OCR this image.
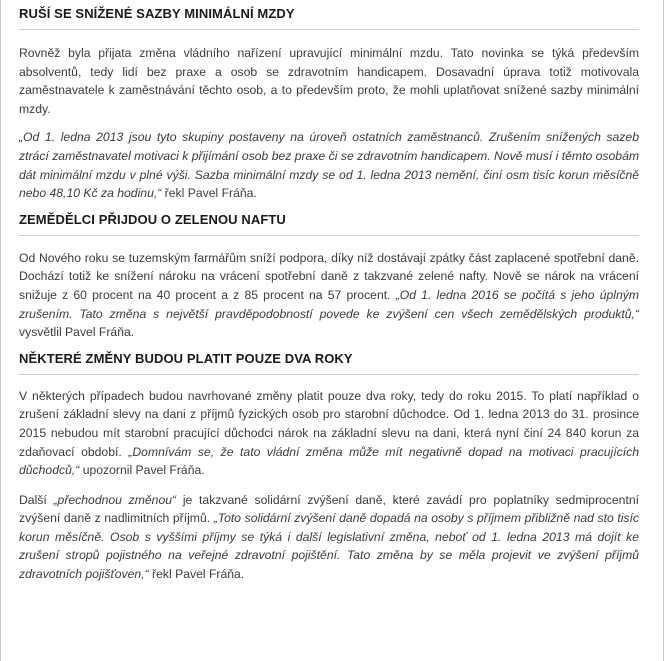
RUŠÍ SE SNÍŽENÉ SAZBY MINIMÁLNÍ MZDY

Rovněž byla přijata změna vládního nařízení upravující minimální mzdu. Tato novinka se týká především absolventů, tedy lidí bez praxe a osob se zdravotním handicapem. Dosavadní úprava totiž motivovala zaměstnavatele k zaměstnávání těchto osob, a to především proto, že mohli uplatňovat snížené sazby minimální mzdy.

„Od 1. ledna 2013 jsou tyto skupiny postaveny na úroveň ostatních zaměstnanců. Zrušením snížených sazeb ztrácí zaměstnavatel motivaci k přijímání osob bez praxe či se zdravotním handicapem. Nově musí i těmto osobám dát minimální mzdu v plné výši. Sazba minimální mzdy se od 1. ledna 2013 nemění, činí osm tisíc korun měsíčně nebo 48,10 Kč za hodinu,“ řekl Pavel Fráňa.

ZEMĚDĚLCI PŘIJDOU O ZELENOU NAFTU

Od Nového roku se tuzemským farmářům sníží podpora, díky níž dostávají zpátky část zaplacené spotřební daně. Dochází totiž ke snížení nároku na vrácení spotřební daně z takzvané zelené nafty. Nově se nárok na vrácení snižuje z 60 procent na 40 procent a z 85 procent na 57 procent. „Od 1. ledna 2016 se počítá s jeho úplným zrušením. Tato změna s největší pravděpodobností povede ke zvýšení cen všech zemědělských produktů,“ vysvětlil Pavel Fráňa.

NĚKTERÉ ZMĚNY BUDOU PLATIT POUZE DVA ROKY

V některých případech budou navrhované změny platit pouze dva roky, tedy do roku 2015. To platí například o zrušení základní slevy na dani z příjmů fyzických osob pro starobní důchodce. Od 1. ledna 2013 do 31. prosince 2015 nebudou mít starobní pracující důchodci nárok na základní slevu na dani, která nyní činí 24 840 korun za zdaňovací období. „Domnívám se, že tato vládní změna může mít negativně dopad na motivaci pracujících důchodců,“ upozornil Pavel Fráňa.

Další „přechodnou změnou“ je takzvané solidární zvýšení daně, které zavádí pro poplatníky sedmiprocentní zvýšení daně z nadlimitních příjmů. „Toto solidární zvýšení daně dopadá na osoby s příjmem přibližně nad sto tisíc korun měsíčně. Osob s vyššími příjmy se týká i další legislativní změna, neboť od 1. ledna 2013 má dojít ke zrušení stropů pojistného na veřejné zdravotní pojištění. Tato změna by se měla projevit ve zvýšení příjmů zdravotních pojišťoven,“ řekl Pavel Fráňa.
